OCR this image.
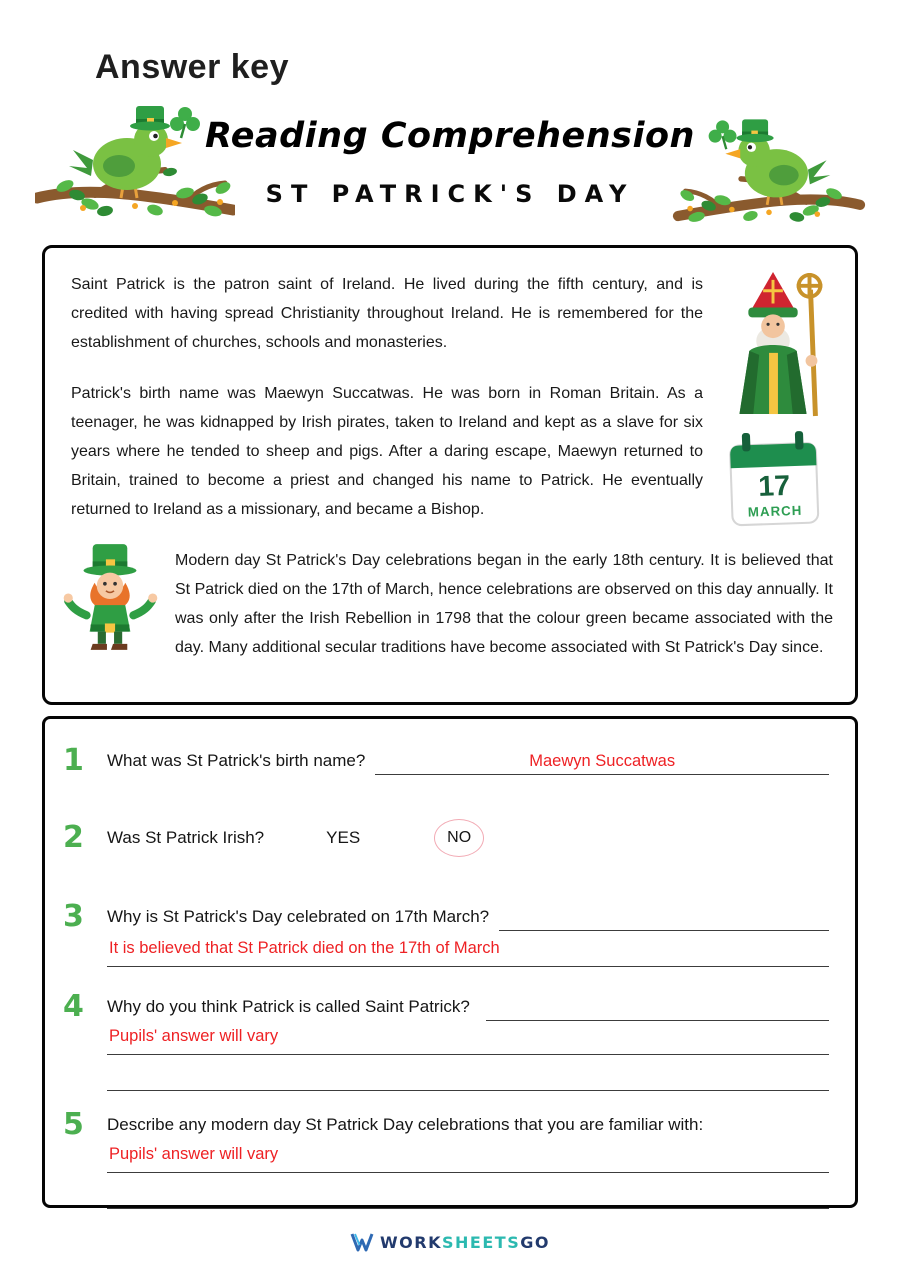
Answer key
Reading Comprehension
ST PATRICK'S DAY

Saint Patrick is the patron saint of Ireland. He lived during the fifth century, and is credited with having spread Christianity throughout Ireland. He is remembered for the establishment of churches, schools and monasteries.

Patrick's birth name was Maewyn Succatwas. He was born in Roman Britain. As a teenager, he was kidnapped by Irish pirates, taken to Ireland and kept as a slave for six years where he tended to sheep and pigs. After a daring escape, Maewyn returned to Britain, trained to become a priest and changed his name to Patrick. He eventually returned to Ireland as a missionary, and became a Bishop.

17
MARCH

Modern day St Patrick's Day celebrations began in the early 18th century. It is believed that St Patrick died on the 17th of March, hence celebrations are observed on this day annually. It was only after the Irish Rebellion in 1798 that the colour green became associated with the day. Many additional secular traditions have become associated with St Patrick's Day since.

1	What was St Patrick's birth name?	Maewyn Succatwas
2	Was St Patrick Irish?	YES	NO
3	Why is St Patrick's Day celebrated on 17th March?
It is believed that St Patrick died on the 17th of March
4	Why do you think Patrick is called Saint Patrick?
Pupils' answer will vary
5	Describe any modern day St Patrick Day celebrations that you are familiar with:
Pupils' answer will vary
WORKSHEETSGO
